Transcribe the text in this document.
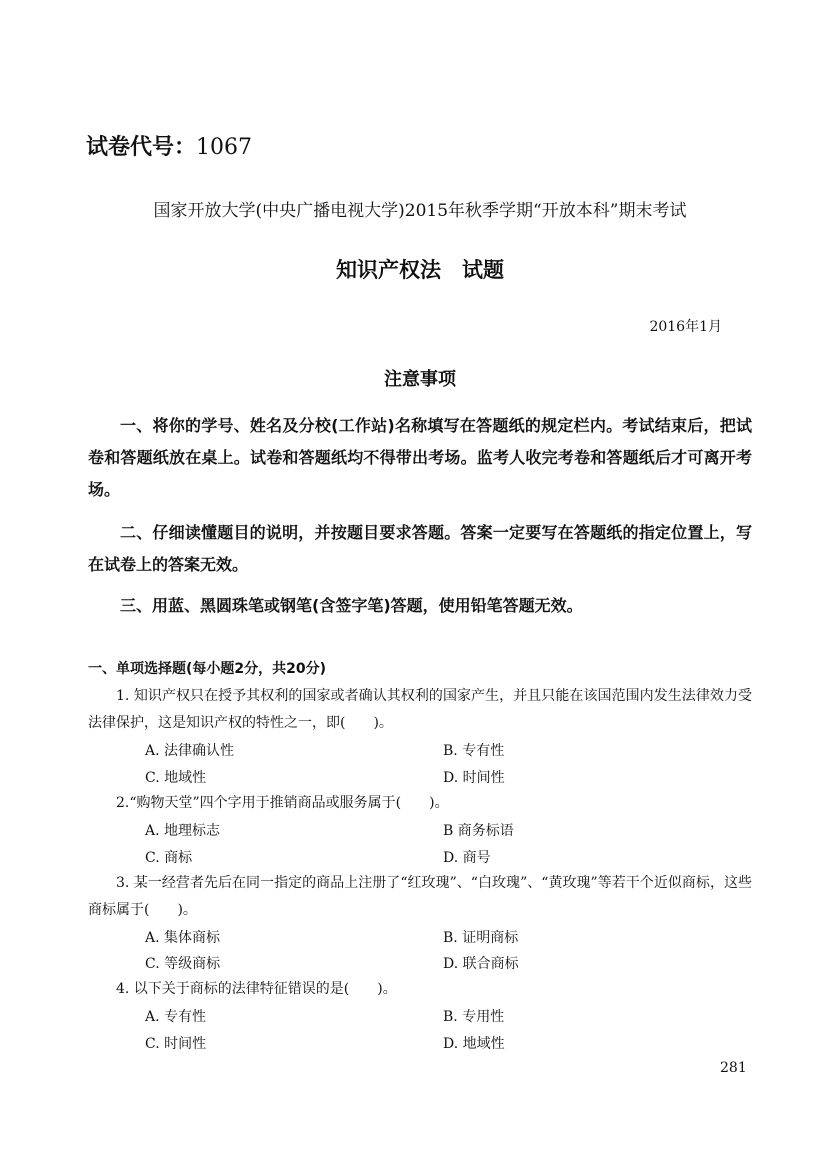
试卷代号：1067
国家开放大学(中央广播电视大学)2015年秋季学期“开放本科”期末考试
知识产权法　试题
2016年1月
注意事项
一、将你的学号、姓名及分校(工作站)名称填写在答题纸的规定栏内。考试结束后，把试卷和答题纸放在桌上。试卷和答题纸均不得带出考场。监考人收完考卷和答题纸后才可离开考场。
二、仔细读懂题目的说明，并按题目要求答题。答案一定要写在答题纸的指定位置上，写在试卷上的答案无效。
三、用蓝、黑圆珠笔或钢笔(含签字笔)答题，使用铅笔答题无效。
一、单项选择题(每小题2分，共20分)
1. 知识产权只在授予其权利的国家或者确认其权利的国家产生，并且只能在该国范围内发生法律效力受法律保护，这是知识产权的特性之一，即(　　)。
A. 法律确认性	B. 专有性
C. 地域性	D. 时间性
2.“购物天堂”四个字用于推销商品或服务属于(　　)。
A. 地理标志	B 商务标语
C. 商标	D. 商号
3. 某一经营者先后在同一指定的商品上注册了“红玫瑰”、“白玫瑰”、“黄玫瑰”等若干个近似商标，这些商标属于(　　)。
A. 集体商标	B. 证明商标
C. 等级商标	D. 联合商标
4. 以下关于商标的法律特征错误的是(　　)。
A. 专有性	B. 专用性
C. 时间性	D. 地域性
281
